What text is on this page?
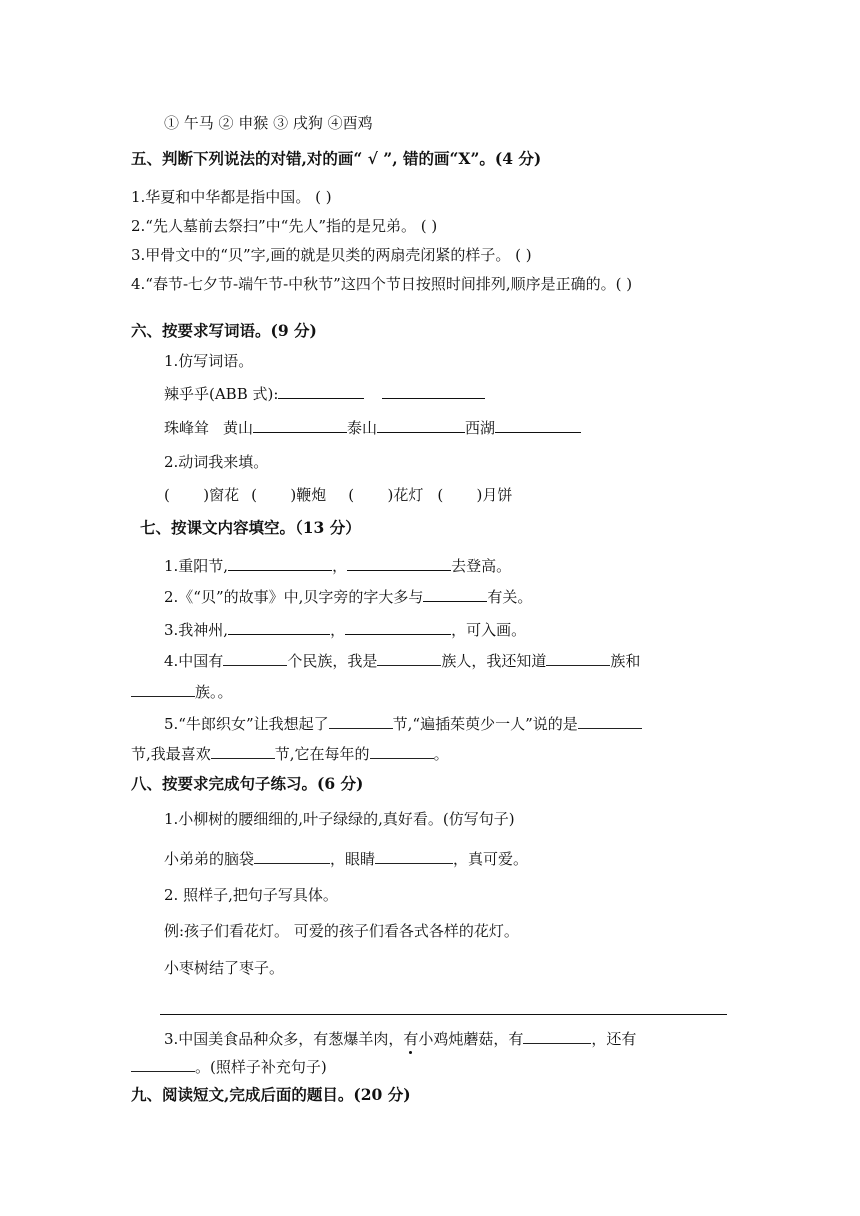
① 午马 ② 申猴 ③ 戌狗 ④酉鸡
五、判断下列说法的对错,对的画“ √ ”, 错的画“X”。(4 分)
1.华夏和中华都是指中国。 ( )
2.“先人墓前去祭扫”中“先人”指的是兄弟。 ( )
3.甲骨文中的“贝”字,画的就是贝类的两扇壳闭紧的样子。 ( )
4.“春节-七夕节-端午节-中秋节”这四个节日按照时间排列,顺序是正确的。( )
六、按要求写词语。(9 分)
1.仿写词语。
辣乎乎(ABB 式):
珠峰耸 黄山	泰山	西湖
2.动词我来填。
(       )窗花 (       )鞭炮 (       )花灯 (       )月饼
七、按课文内容填空。（13 分）
1.重阳节,	，	去登高。
2.《“贝”的故事》中,贝字旁的字大多与	有关。
3.我神州,	，	，可入画。
4.中国有	个民族，我是	族人，我还知道	族和
族。。
5.“牛郎织女”让我想起了	节,“遍插茱萸少一人”说的是
节,我最喜欢	节,它在每年的	。
八、按要求完成句子练习。(6 分)
1.小柳树的腰细细的,叶子绿绿的,真好看。(仿写句子)
小弟弟的脑袋	，眼睛	，真可爱。
2. 照样子,把句子写具体。
例:孩子们看花灯。 可爱的孩子们看各式各样的花灯。
小枣树结了枣子。
3.中国美食品种众多，有葱爆羊肉，有小鸡炖蘑菇，有	，还有
。(照样子补充句子)
九、阅读短文,完成后面的题目。(20 分)
